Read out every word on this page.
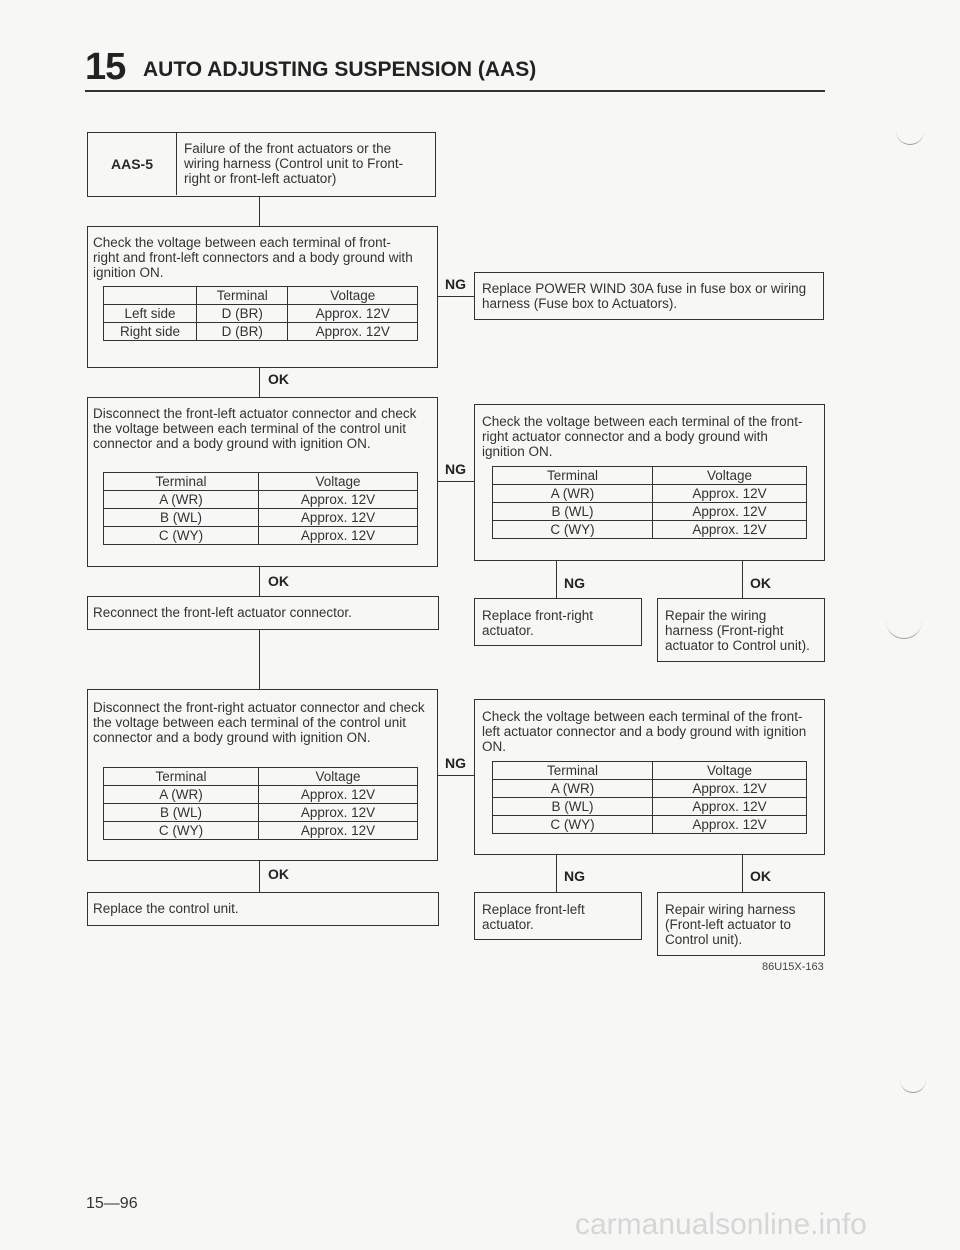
15 AUTO ADJUSTING SUSPENSION (AAS)
AAS-5
Failure of the front actuators or the wiring harness (Control unit to Front-right or front-left actuator)
Check the voltage between each terminal of front-right and front-left connectors and a body ground with ignition ON.
	Terminal	Voltage
Left side	D (BR)	Approx. 12V
Right side	D (BR)	Approx. 12V
NG Replace POWER WIND 30A fuse in fuse box or wiring harness (Fuse box to Actuators).
OK
Disconnect the front-left actuator connector and check the voltage between each terminal of the control unit connector and a body ground with ignition ON.
Terminal	Voltage
A (WR)	Approx. 12V
B (WL)	Approx. 12V
C (WY)	Approx. 12V
NG
Check the voltage between each terminal of the front-right actuator connector and a body ground with ignition ON.
Terminal	Voltage
A (WR)	Approx. 12V
B (WL)	Approx. 12V
C (WY)	Approx. 12V
NG	OK
Replace front-right actuator.
Repair the wiring harness (Front-right actuator to Control unit).
OK
Reconnect the front-left actuator connector.
Disconnect the front-right actuator connector and check the voltage between each terminal of the control unit connector and a body ground with ignition ON.
Terminal	Voltage
A (WR)	Approx. 12V
B (WL)	Approx. 12V
C (WY)	Approx. 12V
NG
Check the voltage between each terminal of the front-left actuator connector and a body ground with ignition ON.
Terminal	Voltage
A (WR)	Approx. 12V
B (WL)	Approx. 12V
C (WY)	Approx. 12V
NG	OK
Replace front-left actuator.
Repair wiring harness (Front-left actuator to Control unit).
OK
Replace the control unit.
86U15X-163
15—96
carmanualsonline.info
